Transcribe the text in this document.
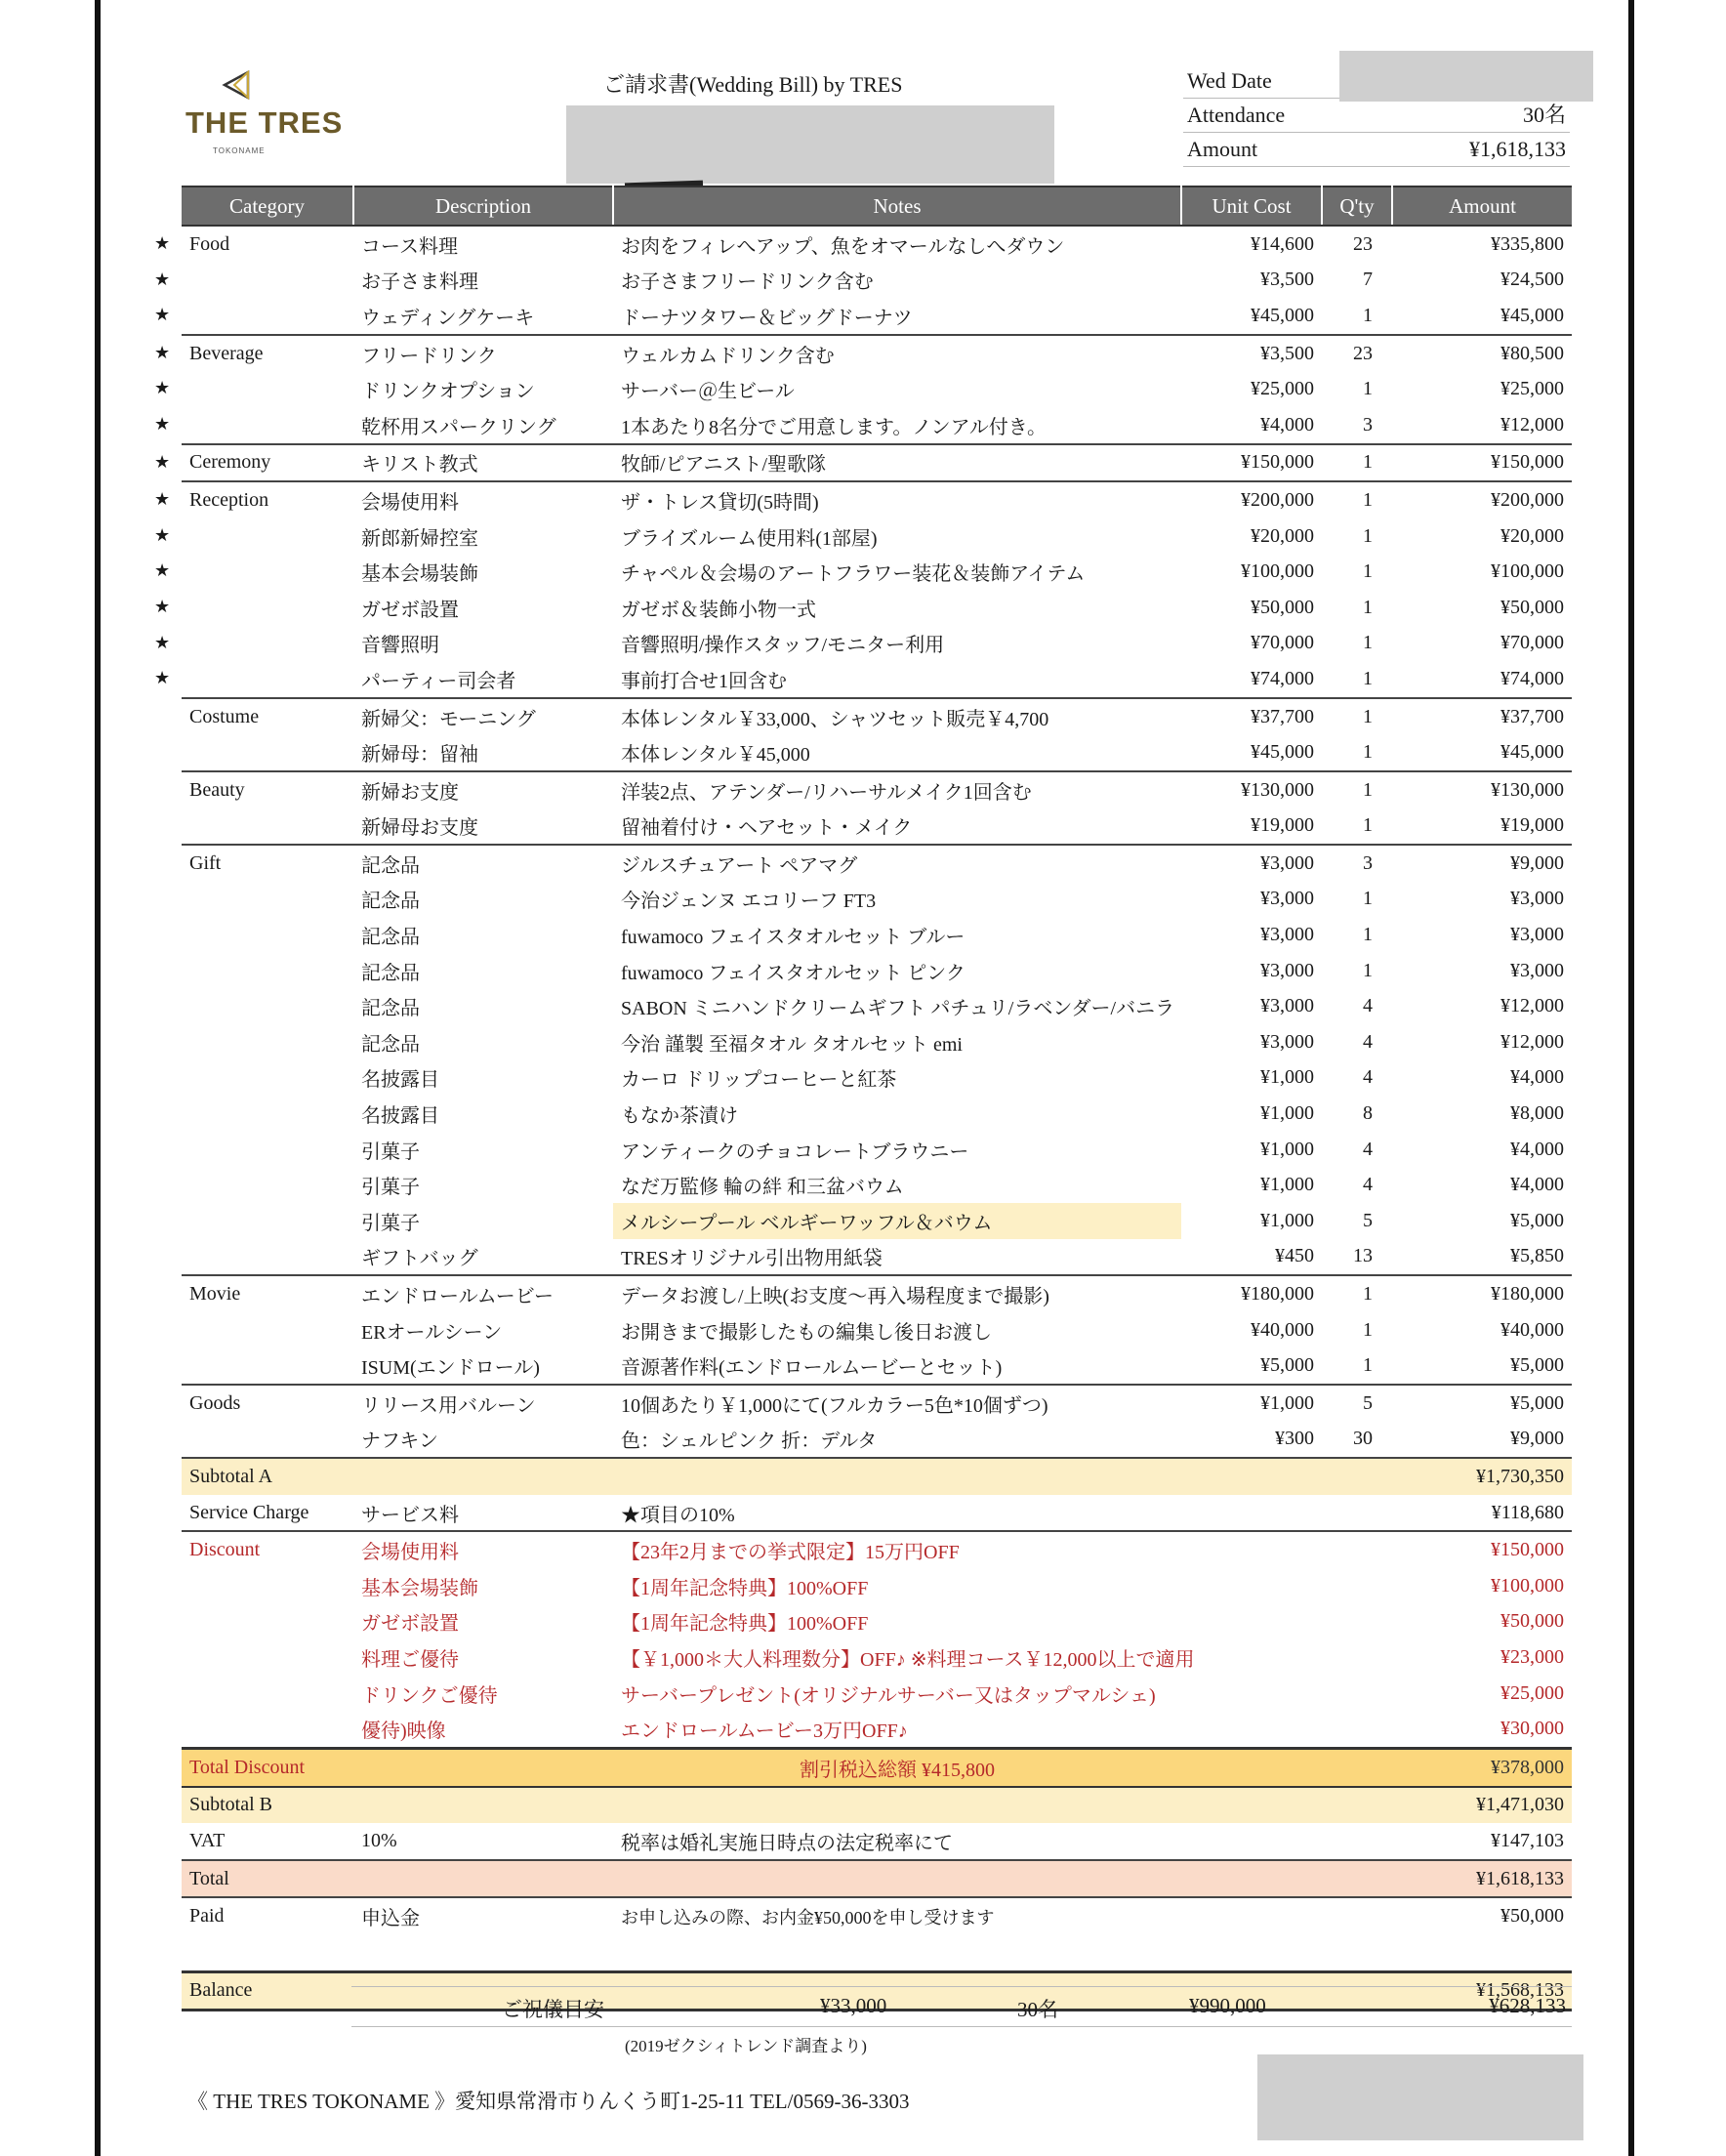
THE TRES
TOKONAME
ご請求書(Wedding Bill) by TRES	Wed Date
Attendance	30名
Amount	¥1,618,133
Category	Description	Notes	Unit Cost	Q'ty	Amount

★ Food	コース料理	お肉をフィレへアップ、魚をオマールなしへダウン	¥14,600	23	¥335,800

★	お子さま料理	お子さまフリードリンク含む	¥3,500	7	¥24,500

★	ウェディングケーキ	ドーナツタワー＆ビッグドーナツ	¥45,000	1	¥45,000

★ Beverage	フリードリンク	ウェルカムドリンク含む	¥3,500	23	¥80,500

★	ドリンクオプション	サーバー＠生ビール	¥25,000	1	¥25,000

★	乾杯用スパークリング	1本あたり8名分でご用意します。ノンアル付き。	¥4,000	3	¥12,000

★ Ceremony	キリスト教式	牧師/ピアニスト/聖歌隊	¥150,000	1	¥150,000

★ Reception	会場使用料	ザ・トレス貸切(5時間)	¥200,000	1	¥200,000

★	新郎新婦控室	ブライズルーム使用料(1部屋)	¥20,000	1	¥20,000

★	基本会場装飾	チャペル＆会場のアートフラワー装花＆装飾アイテム	¥100,000	1	¥100,000

★	ガゼボ設置	ガゼボ＆装飾小物一式	¥50,000	1	¥50,000

★	音響照明	音響照明/操作スタッフ/モニター利用	¥70,000	1	¥70,000

★	パーティー司会者	事前打合せ1回含む	¥74,000	1	¥74,000
Costume	新婦父：モーニング	本体レンタル￥33,000、シャツセット販売￥4,700	¥37,700	1	¥37,700
	新婦母：留袖	本体レンタル￥45,000	¥45,000	1	¥45,000
Beauty	新婦お支度	洋装2点、アテンダー/リハーサルメイク1回含む	¥130,000	1	¥130,000
	新婦母お支度	留袖着付け・ヘアセット・メイク	¥19,000	1	¥19,000
Gift	記念品	ジルスチュアート ペアマグ	¥3,000	3	¥9,000
	記念品	今治ジェンヌ エコリーフ FT3	¥3,000	1	¥3,000
	記念品	fuwamoco フェイスタオルセット ブルー	¥3,000	1	¥3,000
	記念品	fuwamoco フェイスタオルセット ピンク	¥3,000	1	¥3,000
	記念品	SABON ミニハンドクリームギフト パチュリ/ラベンダー/バニラ	¥3,000	4	¥12,000
	記念品	今治 謹製 至福タオル タオルセット emi	¥3,000	4	¥12,000
	名披露目	カーロ ドリップコーヒーと紅茶	¥1,000	4	¥4,000
	名披露目	もなか茶漬け	¥1,000	8	¥8,000
	引菓子	アンティークのチョコレートブラウニー	¥1,000	4	¥4,000
	引菓子	なだ万監修 輪の絆 和三盆バウム	¥1,000	4	¥4,000
	引菓子	メルシープール ベルギーワッフル＆バウム	¥1,000	5	¥5,000
	ギフトバッグ	TRESオリジナル引出物用紙袋	¥450	13	¥5,850
Movie	エンドロールムービー	データお渡し/上映(お支度〜再入場程度まで撮影)	¥180,000	1	¥180,000
	ERオールシーン	お開きまで撮影したもの編集し後日お渡し	¥40,000	1	¥40,000
	ISUM(エンドロール)	音源著作料(エンドロールムービーとセット)	¥5,000	1	¥5,000
Goods	リリース用バルーン	10個あたり￥1,000にて(フルカラー5色*10個ずつ)	¥1,000	5	¥5,000
	ナフキン	色：シェルピンク 折：デルタ	¥300	30	¥9,000
Subtotal A					¥1,730,350
Service Charge	サービス料	★項目の10%			¥118,680
Discount	会場使用料	【23年2月までの挙式限定】15万円OFF			¥150,000
	基本会場装飾	【1周年記念特典】100%OFF			¥100,000
	ガゼボ設置	【1周年記念特典】100%OFF			¥50,000
	料理ご優待	【￥1,000＊大人料理数分】OFF♪ ※料理コース￥12,000以上で適用			¥23,000
	ドリンクご優待	サーバープレゼント(オリジナルサーバー又はタップマルシェ)			¥25,000
	優待)映像	エンドロールムービー3万円OFF♪			¥30,000
Total Discount		割引税込総額 ¥415,800			¥378,000
Subtotal B					¥1,471,030
VAT	10%	税率は婚礼実施日時点の法定税率にて			¥147,103
Total					¥1,618,133
Paid	申込金	お申し込みの際、お内金¥50,000を申し受けます			¥50,000

Balance					¥1,568,133
ご祝儀目安	¥33,000	30名	¥990,000	¥628,133
(2019ゼクシィトレンド調査より)
《 THE TRES TOKONAME 》愛知県常滑市りんくう町1-25-11 TEL/0569-36-3303
